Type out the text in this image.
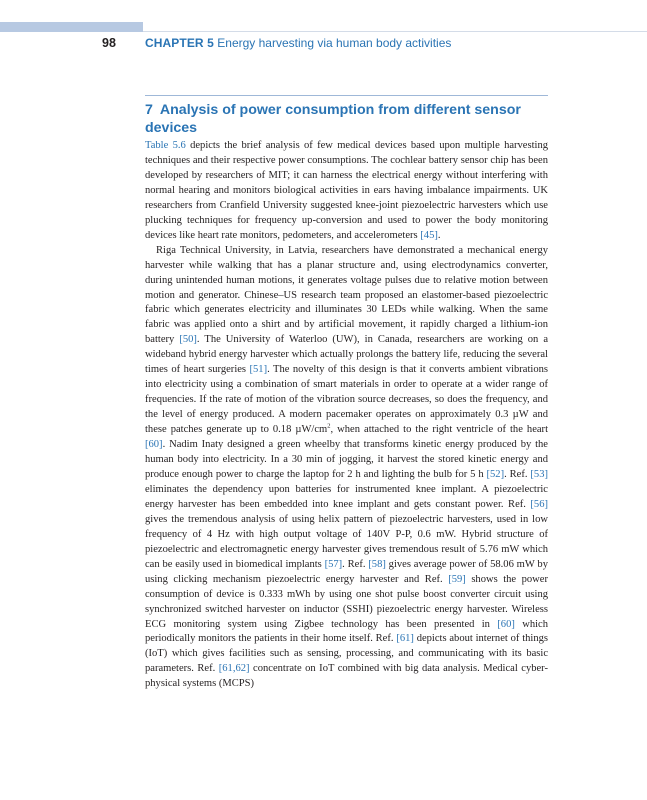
98 CHAPTER 5 Energy harvesting via human body activities
7 Analysis of power consumption from different sensor devices

Table 5.6 depicts the brief analysis of few medical devices based upon multiple harvesting techniques and their respective power consumptions. The cochlear battery sensor chip has been developed by researchers of MIT; it can harness the electrical energy without interfering with normal hearing and monitors biological activities in ears having imbalance impairments. UK researchers from Cranfield University suggested knee-joint piezoelectric harvesters which use plucking techniques for frequency up-conversion and used to power the body monitoring devices like heart rate monitors, pedometers, and accelerometers [45].

Riga Technical University, in Latvia, researchers have demonstrated a mechanical energy harvester while walking that has a planar structure and, using electrodynamics converter, during unintended human motions, it generates voltage pulses due to relative motion between motion and generator. Chinese–US research team proposed an elastomer-based piezoelectric fabric which generates electricity and illuminates 30 LEDs while walking. When the same fabric was applied onto a shirt and by artificial movement, it rapidly charged a lithium-ion battery [50]. The University of Waterloo (UW), in Canada, researchers are working on a wideband hybrid energy harvester which actually prolongs the battery life, reducing the several times of heart surgeries [51]. The novelty of this design is that it converts ambient vibrations into electricity using a combination of smart materials in order to operate at a wider range of frequencies. If the rate of motion of the vibration source decreases, so does the frequency, and the level of energy produced. A modern pacemaker operates on approximately 0.3 µW and these patches generate up to 0.18 $\mu W/cm^2$, when attached to the right ventricle of the heart [60]. Nadim Inaty designed a green wheelby that transforms kinetic energy produced by the human body into electricity. In a 30 min of jogging, it harvest the stored kinetic energy and produce enough power to charge the laptop for 2 h and lighting the bulb for 5 h [52]. Ref. [53] eliminates the dependency upon batteries for instrumented knee implant. A piezoelectric energy harvester has been embedded into knee implant and gets constant power. Ref. [56] gives the tremendous analysis of using helix pattern of piezoelectric harvesters, used in low frequency of 4 Hz with high output voltage of 140V P-P, 0.6 mW. Hybrid structure of piezoelectric and electromagnetic energy harvester gives tremendous result of 5.76 mW which can be easily used in biomedical implants [57]. Ref. [58] gives average power of 58.06 mW by using clicking mechanism piezoelectric energy harvester and Ref. [59] shows the power consumption of device is 0.333 mWh by using one shot pulse boost converter circuit using synchronized switched harvester on inductor (SSHI) piezoelectric energy harvester. Wireless ECG monitoring system using Zigbee technology has been presented in [60] which periodically monitors the patients in their home itself. Ref. [61] depicts about internet of things (IoT) which gives facilities such as sensing, processing, and communicating with its basic parameters. Ref. [61,62] concentrate on IoT combined with big data analysis. Medical cyber-physical systems (MCPS)
